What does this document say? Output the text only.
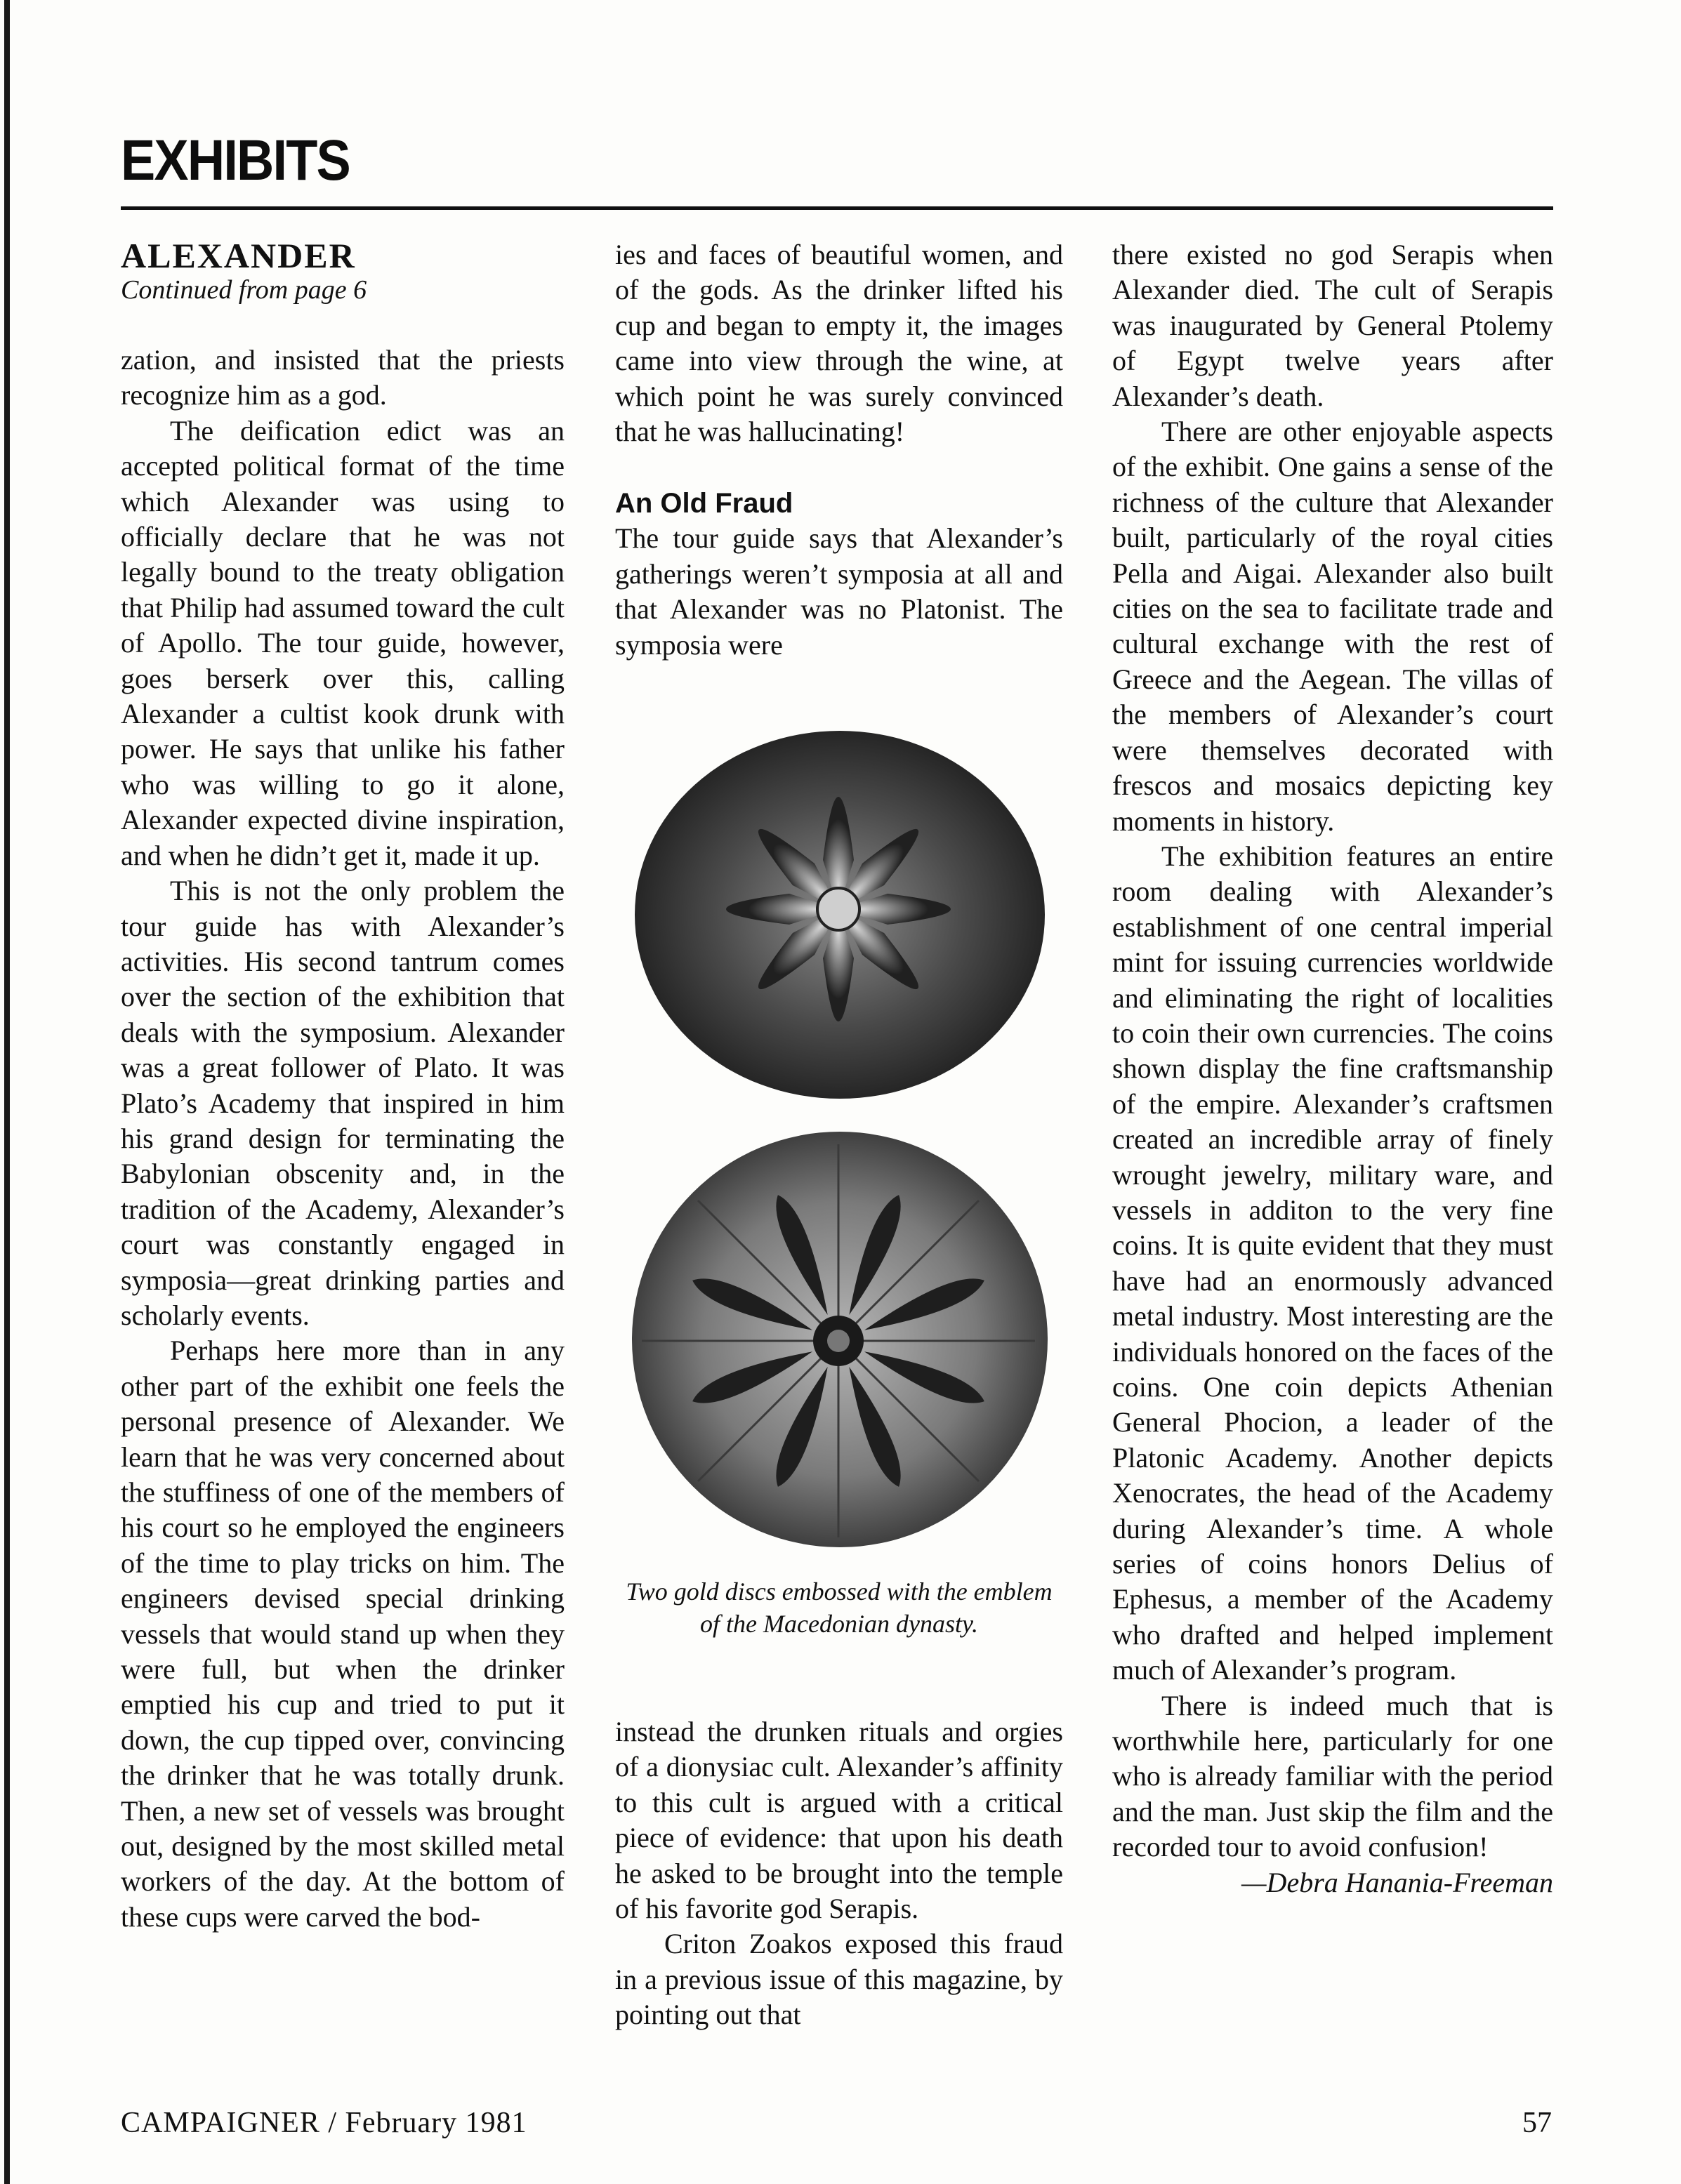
EXHIBITS
ALEXANDER
Continued from page 6

zation, and insisted that the priests recognize him as a god.

The deification edict was an accepted political format of the time which Alexander was using to officially declare that he was not legally bound to the treaty obligation that Philip had assumed toward the cult of Apollo. The tour guide, however, goes berserk over this, calling Alexander a cultist kook drunk with power. He says that unlike his father who was willing to go it alone, Alexander expected divine inspiration, and when he didn’t get it, made it up.

This is not the only problem the tour guide has with Alexander’s activities. His second tantrum comes over the section of the exhibition that deals with the symposium. Alexander was a great follower of Plato. It was Plato’s Academy that inspired in him his grand design for terminating the Babylonian obscenity and, in the tradition of the Academy, Alexander’s court was constantly engaged in symposia—great drinking parties and scholarly events.

Perhaps here more than in any other part of the exhibit one feels the personal presence of Alexander. We learn that he was very concerned about the stuffiness of one of the members of his court so he employed the engineers of the time to play tricks on him. The engineers devised special drinking vessels that would stand up when they were full, but when the drinker emptied his cup and tried to put it down, the cup tipped over, convincing the drinker that he was totally drunk. Then, a new set of vessels was brought out, designed by the most skilled metal workers of the day. At the bottom of these cups were carved the bod-

ies and faces of beautiful women, and of the gods. As the drinker lifted his cup and began to empty it, the images came into view through the wine, at which point he was surely convinced that he was hallucinating!

An Old Fraud

The tour guide says that Alexander’s gatherings weren’t symposia at all and that Alexander was no Platonist. The symposia were

Two gold discs embossed with the emblem of the Macedonian dynasty.

instead the drunken rituals and orgies of a dionysiac cult. Alexander’s affinity to this cult is argued with a critical piece of evidence: that upon his death he asked to be brought into the temple of his favorite god Serapis.

Criton Zoakos exposed this fraud in a previous issue of this magazine, by pointing out that

there existed no god Serapis when Alexander died. The cult of Serapis was inaugurated by General Ptolemy of Egypt twelve years after Alexander’s death.

There are other enjoyable aspects of the exhibit. One gains a sense of the richness of the culture that Alexander built, particularly of the royal cities Pella and Aigai. Alexander also built cities on the sea to facilitate trade and cultural exchange with the rest of Greece and the Aegean. The villas of the members of Alexander’s court were themselves decorated with frescos and mosaics depicting key moments in history.

The exhibition features an entire room dealing with Alexander’s establishment of one central imperial mint for issuing currencies worldwide and eliminating the right of localities to coin their own currencies. The coins shown display the fine craftsmanship of the empire. Alexander’s craftsmen created an incredible array of finely wrought jewelry, military ware, and vessels in additon to the very fine coins. It is quite evident that they must have had an enormously advanced metal industry. Most interesting are the individuals honored on the faces of the coins. One coin depicts Athenian General Phocion, a leader of the Platonic Academy. Another depicts Xenocrates, the head of the Academy during Alexander’s time. A whole series of coins honors Delius of Ephesus, a member of the Academy who drafted and helped implement much of Alexander’s program.

There is indeed much that is worthwhile here, particularly for one who is already familiar with the period and the man. Just skip the film and the recorded tour to avoid confusion!

—Debra Hanania-Freeman

CAMPAIGNER / February 1981	57
